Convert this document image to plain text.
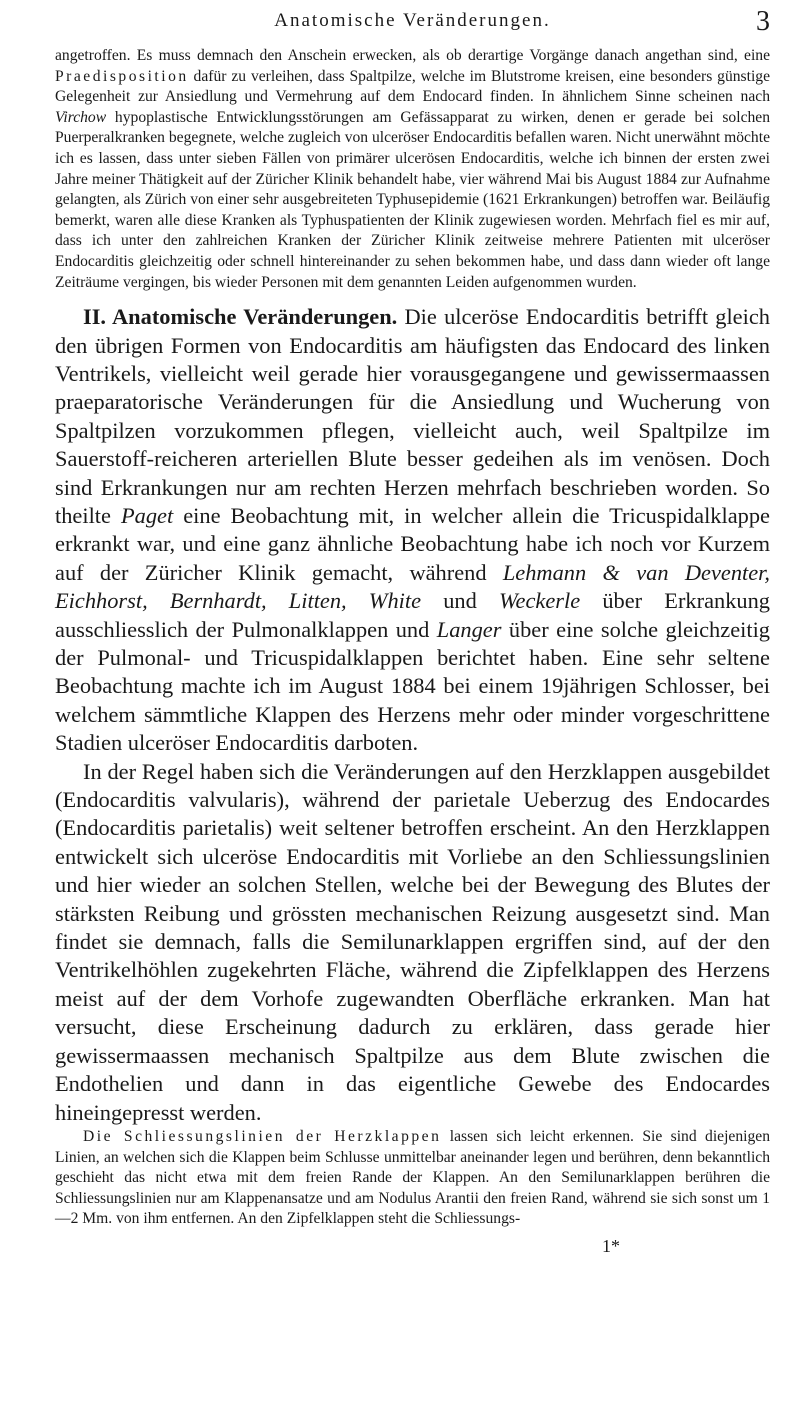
Anatomische Veränderungen.	3

angetroffen. Es muss demnach den Anschein erwecken, als ob derartige Vorgänge danach angethan sind, eine Praedisposition dafür zu verleihen, dass Spaltpilze, welche im Blutstrome kreisen, eine besonders günstige Gelegenheit zur Ansiedlung und Vermehrung auf dem Endocard finden. In ähnlichem Sinne scheinen nach Virchow hypoplastische Entwicklungsstörungen am Gefässapparat zu wirken, denen er gerade bei solchen Puerperalkranken begegnete, welche zugleich von ulceröser Endocarditis befallen waren. Nicht unerwähnt möchte ich es lassen, dass unter sieben Fällen von primärer ulcerösen Endocarditis, welche ich binnen der ersten zwei Jahre meiner Thätigkeit auf der Züricher Klinik behandelt habe, vier während Mai bis August 1884 zur Aufnahme gelangten, als Zürich von einer sehr ausgebreiteten Typhusepidemie (1621 Erkrankungen) betroffen war. Beiläufig bemerkt, waren alle diese Kranken als Typhuspatienten der Klinik zugewiesen worden. Mehrfach fiel es mir auf, dass ich unter den zahlreichen Kranken der Züricher Klinik zeitweise mehrere Patienten mit ulceröser Endocarditis gleichzeitig oder schnell hintereinander zu sehen bekommen habe, und dass dann wieder oft lange Zeiträume vergingen, bis wieder Personen mit dem genannten Leiden aufgenommen wurden.

II. Anatomische Veränderungen. Die ulceröse Endocarditis betrifft gleich den übrigen Formen von Endocarditis am häufigsten das Endocard des linken Ventrikels, vielleicht weil gerade hier vorausgegangene und gewissermaassen praeparatorische Veränderungen für die Ansiedlung und Wucherung von Spaltpilzen vorzukommen pflegen, vielleicht auch, weil Spaltpilze im Sauerstoff-reicheren arteriellen Blute besser gedeihen als im venösen. Doch sind Erkrankungen nur am rechten Herzen mehrfach beschrieben worden. So theilte Paget eine Beobachtung mit, in welcher allein die Tricuspidalklappe erkrankt war, und eine ganz ähnliche Beobachtung habe ich noch vor Kurzem auf der Züricher Klinik gemacht, während Lehmann & van Deventer, Eichhorst, Bernhardt, Litten, White und Weckerle über Erkrankung ausschliesslich der Pulmonalklappen und Langer über eine solche gleichzeitig der Pulmonal- und Tricuspidalklappen berichtet haben. Eine sehr seltene Beobachtung machte ich im August 1884 bei einem 19jährigen Schlosser, bei welchem sämmtliche Klappen des Herzens mehr oder minder vorgeschrittene Stadien ulceröser Endocarditis darboten.

In der Regel haben sich die Veränderungen auf den Herzklappen ausgebildet (Endocarditis valvularis), während der parietale Ueberzug des Endocardes (Endocarditis parietalis) weit seltener betroffen erscheint. An den Herzklappen entwickelt sich ulceröse Endocarditis mit Vorliebe an den Schliessungslinien und hier wieder an solchen Stellen, welche bei der Bewegung des Blutes der stärksten Reibung und grössten mechanischen Reizung ausgesetzt sind. Man findet sie demnach, falls die Semilunarklappen ergriffen sind, auf der den Ventrikelhöhlen zugekehrten Fläche, während die Zipfelklappen des Herzens meist auf der dem Vorhofe zugewandten Oberfläche erkranken. Man hat versucht, diese Erscheinung dadurch zu erklären, dass gerade hier gewissermaassen mechanisch Spaltpilze aus dem Blute zwischen die Endothelien und dann in das eigentliche Gewebe des Endocardes hineingepresst werden.

Die Schliessungslinien der Herzklappen lassen sich leicht erkennen. Sie sind diejenigen Linien, an welchen sich die Klappen beim Schlusse unmittelbar aneinander legen und berühren, denn bekanntlich geschieht das nicht etwa mit dem freien Rande der Klappen. An den Semilunarklappen berühren die Schliessungslinien nur am Klappenansatze und am Nodulus Arantii den freien Rand, während sie sich sonst um 1—2 Mm. von ihm entfernen. An den Zipfelklappen steht die Schliessungs-

1*
